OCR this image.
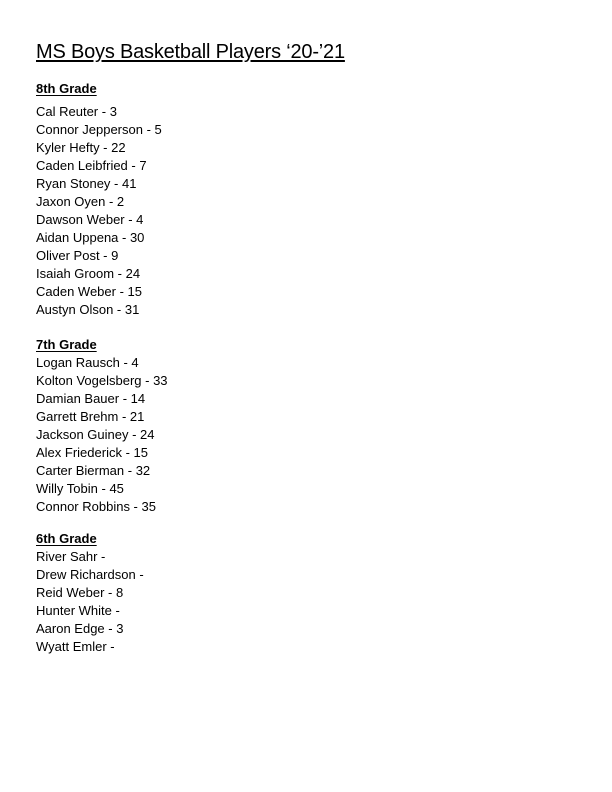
MS Boys Basketball Players ‘20-’21
8th Grade
Cal Reuter - 3
Connor Jepperson - 5
Kyler Hefty - 22
Caden Leibfried - 7
Ryan Stoney - 41
Jaxon Oyen - 2
Dawson Weber - 4
Aidan Uppena - 30
Oliver Post - 9
Isaiah Groom - 24
Caden Weber - 15
Austyn Olson - 31
7th Grade
Logan Rausch - 4
Kolton Vogelsberg - 33
Damian Bauer - 14
Garrett Brehm - 21
Jackson Guiney - 24
Alex Friederick - 15
Carter Bierman - 32
Willy Tobin - 45
Connor Robbins - 35
6th Grade
River Sahr -
Drew Richardson -
Reid Weber - 8
Hunter White -
Aaron Edge - 3
Wyatt Emler -
